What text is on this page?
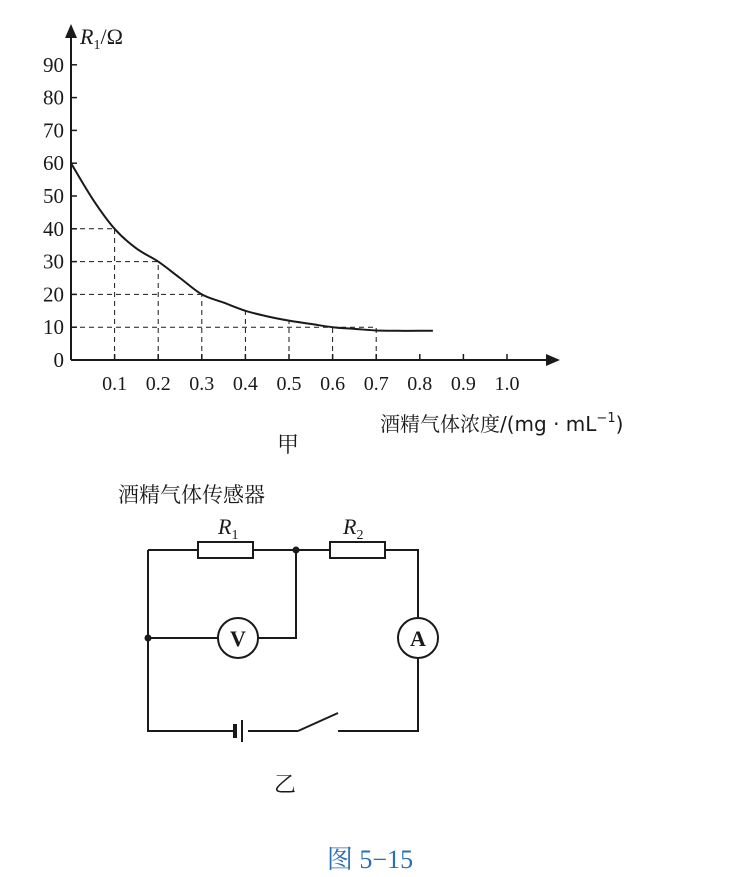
0
10
20
30
40
50
60
70
80
90
0.1 0.2 0.3 0.4 0.5 0.6 0.7 0.8 0.9 1.0
$R_1/\Omega$
酒精气体浓度$/(mg \cdot mL^{-1})$
甲
V	A
$R_1$	$R_2$
酒精气体传感器
乙
图 5−15
